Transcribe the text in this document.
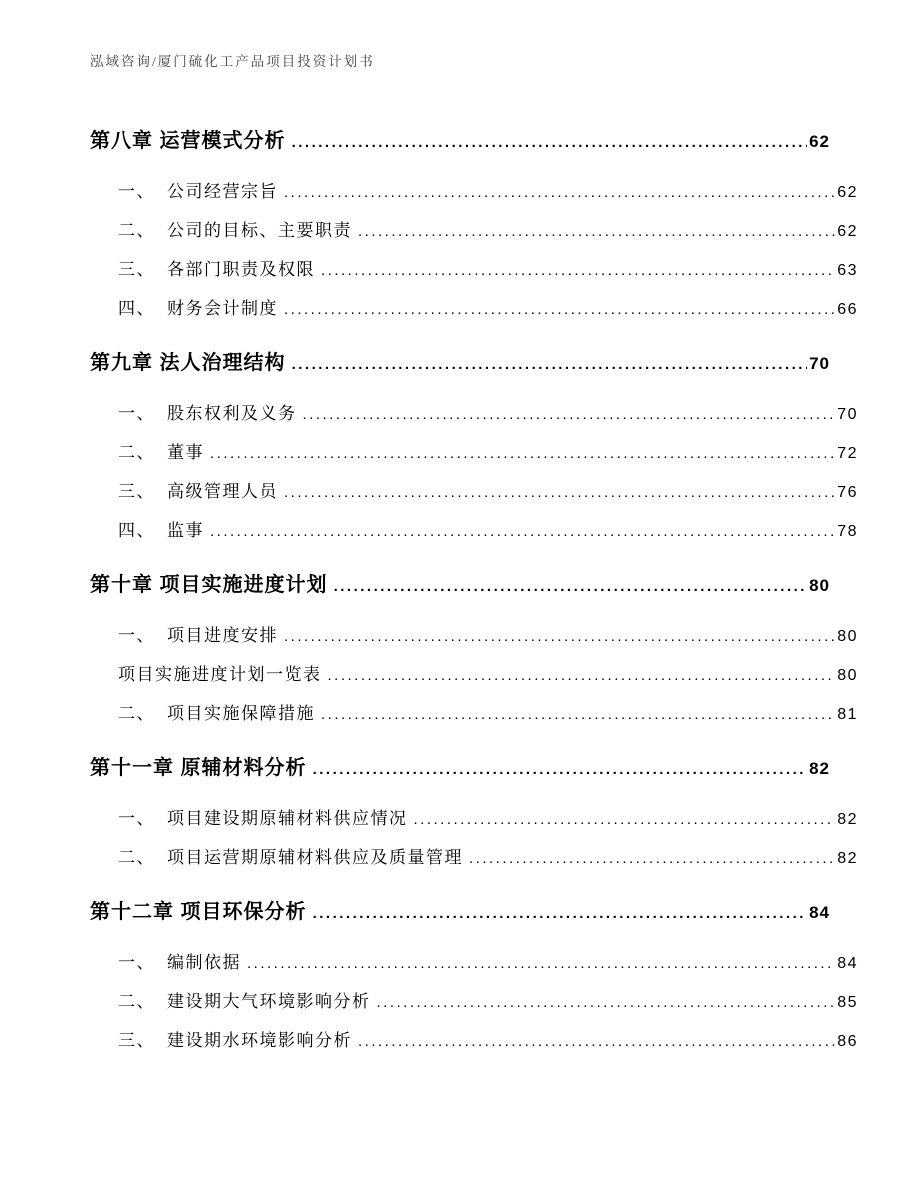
泓域咨询/厦门硫化工产品项目投资计划书
第八章 运营模式分析 .....	62
一、 公司经营宗旨 .....	62
二、 公司的目标、主要职责 .....	62
三、 各部门职责及权限 .....	63
四、 财务会计制度 .....	66
第九章 法人治理结构 .....	70
一、 股东权利及义务 .....	70
二、 董事 .....	72
三、 高级管理人员 .....	76
四、 监事 .....	78
第十章 项目实施进度计划 .....	80
一、 项目进度安排 .....	80
项目实施进度计划一览表 .....	80
二、 项目实施保障措施 .....	81
第十一章 原辅材料分析 .....	82
一、 项目建设期原辅材料供应情况 .....	82
二、 项目运营期原辅材料供应及质量管理 .....	82
第十二章 项目环保分析 .....	84
一、 编制依据 .....	84
二、 建设期大气环境影响分析 .....	85
三、 建设期水环境影响分析 .....	86
